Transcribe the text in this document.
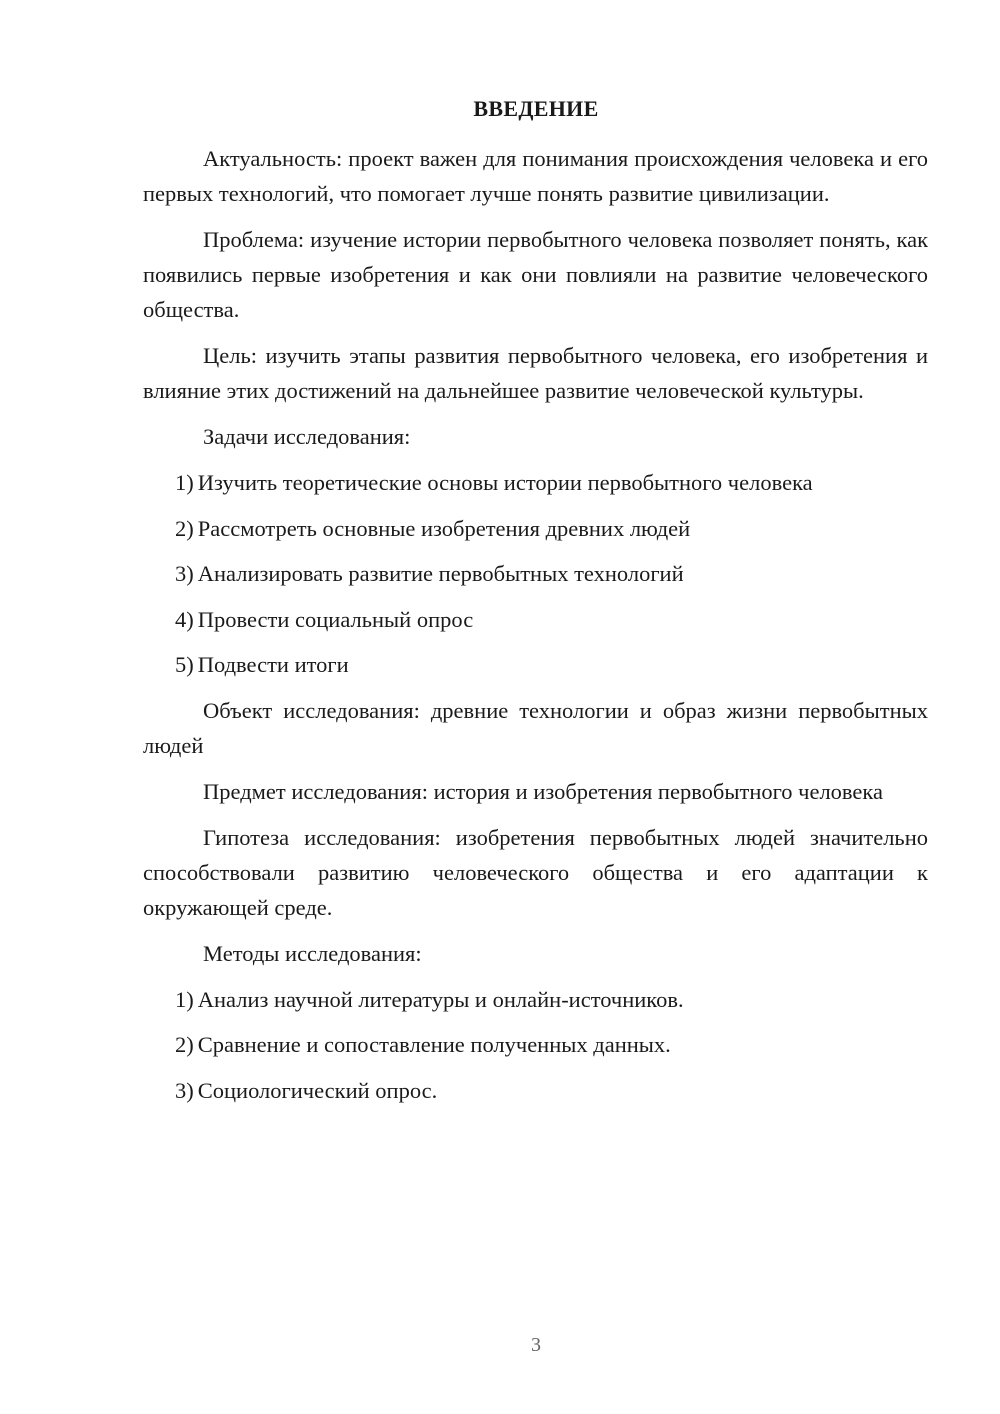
ВВЕДЕНИЕ

Актуальность: проект важен для понимания происхождения человека и его первых технологий, что помогает лучше понять развитие цивилизации.

Проблема: изучение истории первобытного человека позволяет понять, как появились первые изобретения и как они повлияли на развитие человеческого общества.

Цель: изучить этапы развития первобытного человека, его изобретения и влияние этих достижений на дальнейшее развитие человеческой культуры.

Задачи исследования:

1) Изучить теоретические основы истории первобытного человека
2) Рассмотреть основные изобретения древних людей
3) Анализировать развитие первобытных технологий
4) Провести социальный опрос
5) Подвести итоги

Объект исследования: древние технологии и образ жизни первобытных людей

Предмет исследования: история и изобретения первобытного человека

Гипотеза исследования: изобретения первобытных людей значительно способствовали развитию человеческого общества и его адаптации к окружающей среде.

Методы исследования:

1) Анализ научной литературы и онлайн-источников.
2) Сравнение и сопоставление полученных данных.
3) Социологический опрос.
3
